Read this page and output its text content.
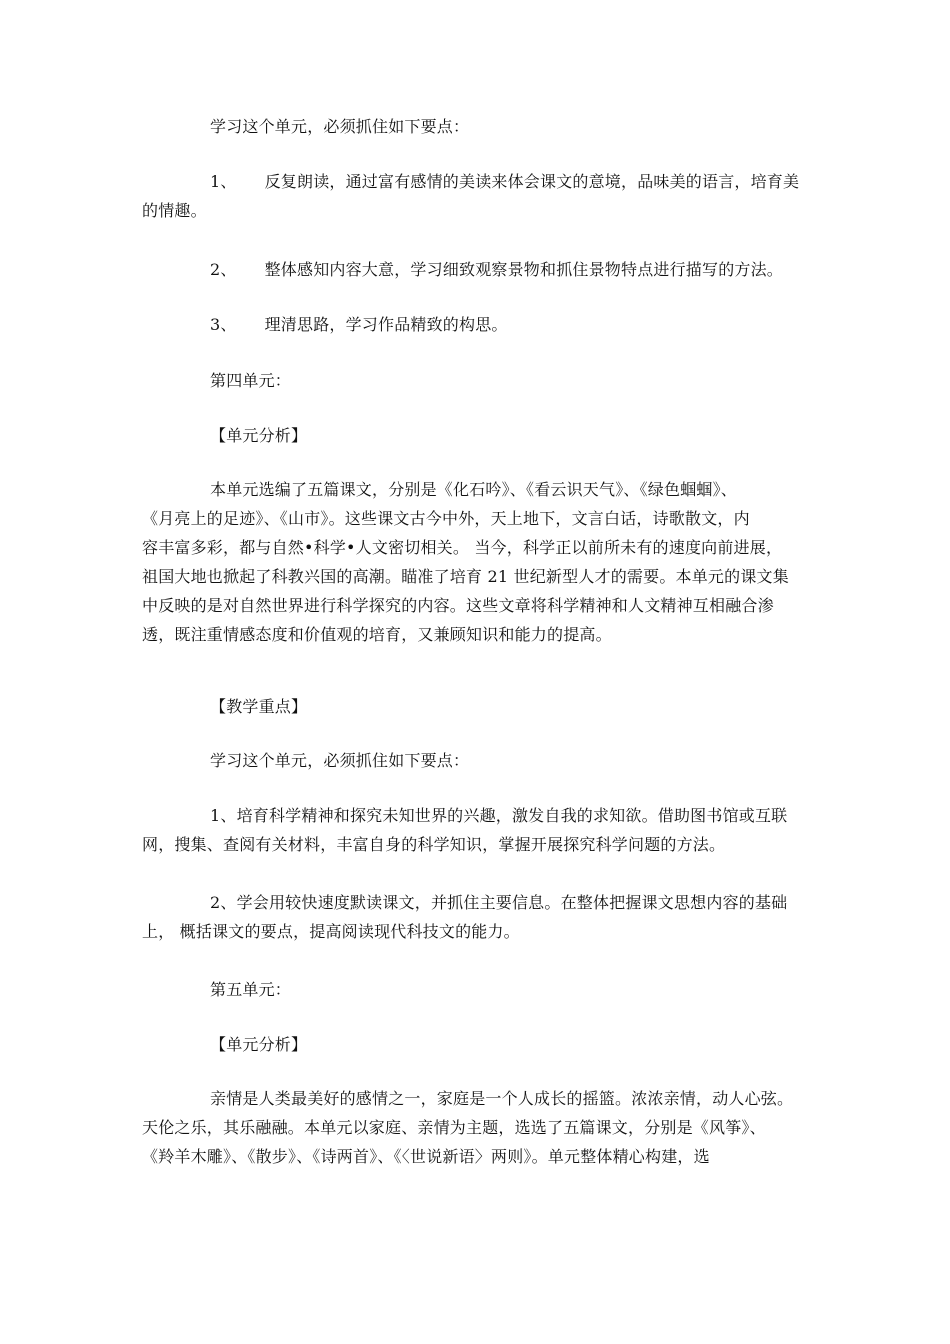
学习这个单元，必须抓住如下要点：
1、 反复朗读，通过富有感情的美读来体会课文的意境，品味美的语言，培育美
的情趣。
2、 整体感知内容大意，学习细致观察景物和抓住景物特点进行描写的方法。
3、 理清思路，学习作品精致的构思。
第四单元：
【单元分析】
本单元选编了五篇课文，分别是《化石吟》、《看云识天气》、《绿色蝈蝈》、
《月亮上的足迹》、《山市》。这些课文古今中外，天上地下，文言白话，诗歌散文，内
容丰富多彩，都与自然•科学•人文密切相关。 当今，科学正以前所未有的速度向前进展，
祖国大地也掀起了科教兴国的高潮。瞄准了培育 21 世纪新型人才的需要。本单元的课文集
中反映的是对自然世界进行科学探究的内容。这些文章将科学精神和人文精神互相融合渗
透，既注重情感态度和价值观的培育，又兼顾知识和能力的提高。
【教学重点】
学习这个单元，必须抓住如下要点：
1、培育科学精神和探究未知世界的兴趣，激发自我的求知欲。借助图书馆或互联
网，搜集、查阅有关材料，丰富自身的科学知识，掌握开展探究科学问题的方法。
2、学会用较快速度默读课文，并抓住主要信息。在整体把握课文思想内容的基础
上， 概括课文的要点，提高阅读现代科技文的能力。
第五单元：
【单元分析】
亲情是人类最美好的感情之一，家庭是一个人成长的摇篮。浓浓亲情，动人心弦。
天伦之乐，其乐融融。本单元以家庭、亲情为主题，选选了五篇课文，分别是《风筝》、
《羚羊木雕》、《散步》、《诗两首》、《〈世说新语〉两则》。单元整体精心构建，选
